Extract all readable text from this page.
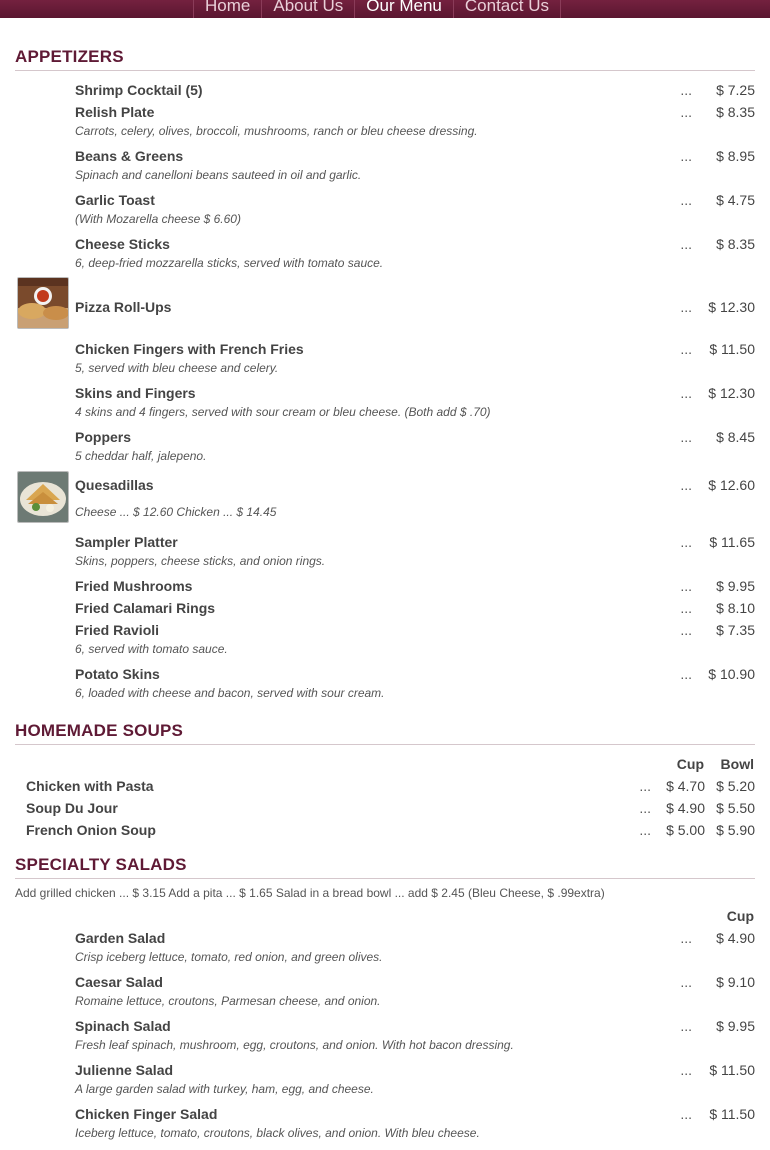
Home	About Us	Our Menu	Contact Us
APPETIZERS
Shrimp Cocktail (5)	... $ 7.25
Relish Plate	... $ 8.35
Carrots, celery, olives, broccoli, mushrooms, ranch or bleu cheese dressing.
Beans & Greens	... $ 8.95
Spinach and canelloni beans sauteed in oil and garlic.
Garlic Toast	... $ 4.75
(With Mozarella cheese $ 6.60)
Cheese Sticks	... $ 8.35
6, deep-fried mozzarella sticks, served with tomato sauce.
Pizza Roll-Ups	... $ 12.30
Chicken Fingers with French Fries	... $ 11.50
5, served with bleu cheese and celery.
Skins and Fingers	... $ 12.30
4 skins and 4 fingers, served with sour cream or bleu cheese. (Both add $ .70)
Poppers	... $ 8.45
5 cheddar half, jalepeno.
Quesadillas	... $ 12.60
Cheese ... $ 12.60 Chicken ... $ 14.45
Sampler Platter	... $ 11.65
Skins, poppers, cheese sticks, and onion rings.
Fried Mushrooms	... $ 9.95
Fried Calamari Rings	... $ 8.10
Fried Ravioli	... $ 7.35
6, served with tomato sauce.
Potato Skins	... $ 10.90
6, loaded with cheese and bacon, served with sour cream.
HOMEMADE SOUPS
Cup Bowl
Chicken with Pasta	... $ 4.70 $ 5.20
Soup Du Jour	... $ 4.90 $ 5.50
French Onion Soup	... $ 5.00 $ 5.90
SPECIALTY SALADS
Add grilled chicken ... $ 3.15 Add a pita ... $ 1.65 Salad in a bread bowl ... add $ 2.45 (Bleu Cheese, $ .99extra)
Cup
Garden Salad	... $ 4.90
Crisp iceberg lettuce, tomato, red onion, and green olives.
Caesar Salad	... $ 9.10
Romaine lettuce, croutons, Parmesan cheese, and onion.
Spinach Salad	... $ 9.95
Fresh leaf spinach, mushroom, egg, croutons, and onion. With hot bacon dressing.
Julienne Salad	... $ 11.50
A large garden salad with turkey, ham, egg, and cheese.
Chicken Finger Salad	... $ 11.50
Iceberg lettuce, tomato, croutons, black olives, and onion. With bleu cheese.
